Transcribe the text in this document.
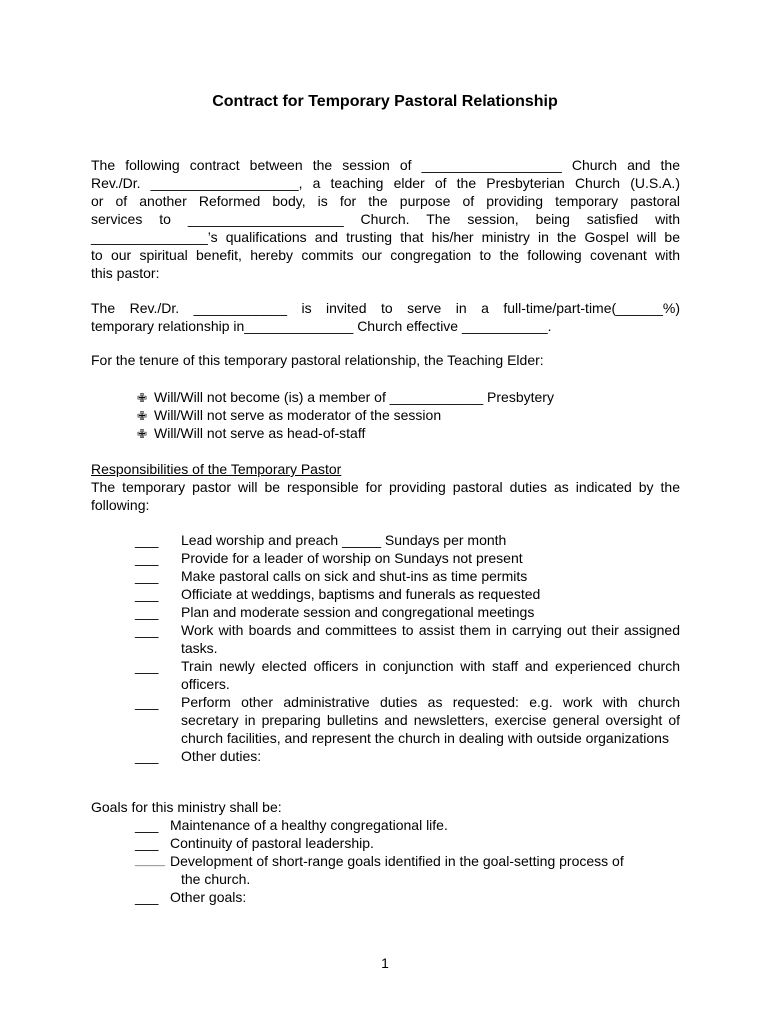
Contract for Temporary Pastoral Relationship
The following contract between the session of __________________ Church and the
Rev./Dr. ___________________, a teaching elder of the Presbyterian Church (U.S.A.)
or of another Reformed body, is for the purpose of providing temporary pastoral
services to ____________________ Church. The session, being satisfied with
_______________’s qualifications and trusting that his/her ministry in the Gospel will be
to our spiritual benefit, hereby commits our congregation to the following covenant with
this pastor:
The Rev./Dr. ____________ is invited to serve in a full-time/part-time(______%)
temporary relationship in______________ Church effective ___________.
For the tenure of this temporary pastoral relationship, the Teaching Elder:
✙ Will/Will not become (is) a member of ____________ Presbytery
✙ Will/Will not serve as moderator of the session
✙ Will/Will not serve as head-of-staff
Responsibilities of the Temporary Pastor
The temporary pastor will be responsible for providing pastoral duties as indicated by the following:
___	Lead worship and preach _____ Sundays per month
___	Provide for a leader of worship on Sundays not present
___	Make pastoral calls on sick and shut-ins as time permits
___	Officiate at weddings, baptisms and funerals as requested
___	Plan and moderate session and congregational meetings
___	Work with boards and committees to assist them in carrying out their assigned tasks.
___	Train newly elected officers in conjunction with staff and experienced church officers.
___	Perform other administrative duties as requested: e.g. work with church secretary in preparing bulletins and newsletters, exercise general oversight of church facilities, and represent the church in dealing with outside organizations
___	Other duties:
Goals for this ministry shall be:
___ Maintenance of a healthy congregational life.
___ Continuity of pastoral leadership.
______ Development of short-range goals identified in the goal-setting process of
the church.
___ Other goals:
1
